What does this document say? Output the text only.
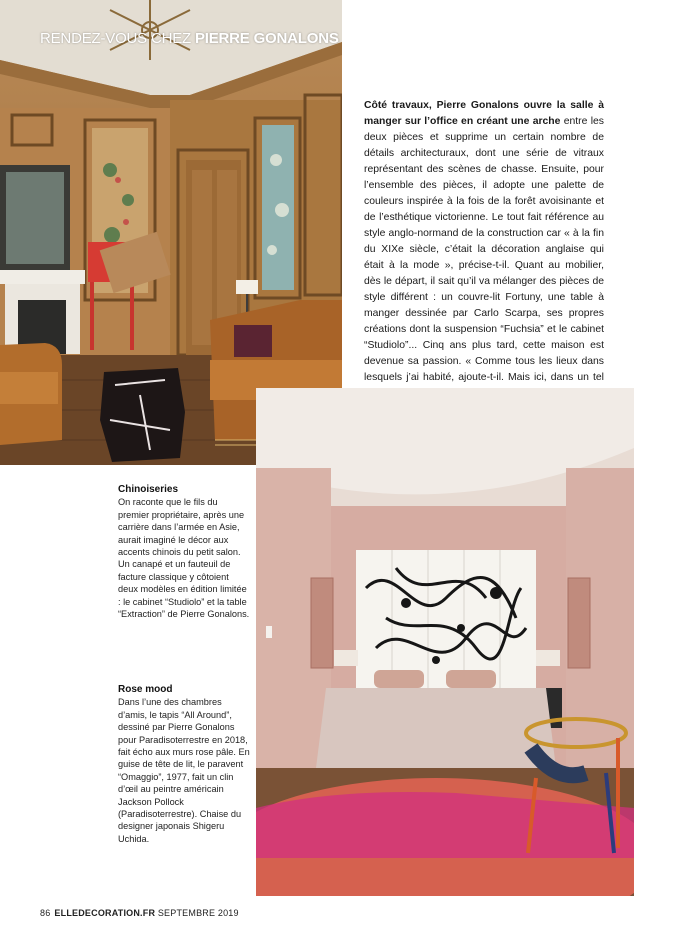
RENDEZ-VOUS CHEZ PIERRE GONALONS
Côté travaux, Pierre Gonalons ouvre la salle à manger sur l’office en créant une arche entre les deux pièces et supprime un certain nombre de détails architecturaux, dont une série de vitraux représentant des scènes de chasse. Ensuite, pour l’ensemble des pièces, il adopte une palette de couleurs inspirée à la fois de la forêt avoisinante et de l’esthétique victorienne. Le tout fait référence au style anglo-normand de la construction car « à la fin du XIXe siècle, c’était la décoration anglaise qui était à la mode », précise-t-il. Quant au mobilier, dès le départ, il sait qu’il va mélanger des pièces de style différent : un couvre-lit Fortuny, une table à manger dessinée par Carlo Scarpa, ses propres créations dont la suspension “Fuchsia” et le cabinet “Studiolo”... Cinq ans plus tard, cette maison est devenue sa passion. « Comme tous les lieux dans lesquels j’ai habité, ajoute-t-il. Mais ici, dans un tel
Chinoiseries
On raconte que le fils du premier propriétaire, après une carrière dans l’armée en Asie, aurait imaginé le décor aux accents chinois du petit salon. Un canapé et un fauteuil de facture classique y côtoient deux modèles en édition limitée : le cabinet “Studiolo” et la table “Extraction” de Pierre Gonalons.
Rose mood
Dans l’une des chambres d’amis, le tapis “All Around”, dessiné par Pierre Gonalons pour Paradisoterrestre en 2018, fait écho aux murs rose pâle. En guise de tête de lit, le paravent “Omaggio”, 1977, fait un clin d’œil au peintre américain Jackson Pollock (Paradisoterrestre). Chaise du designer japonais Shigeru Uchida.
86 ELLEDECORATION.FR SEPTEMBRE 2019
